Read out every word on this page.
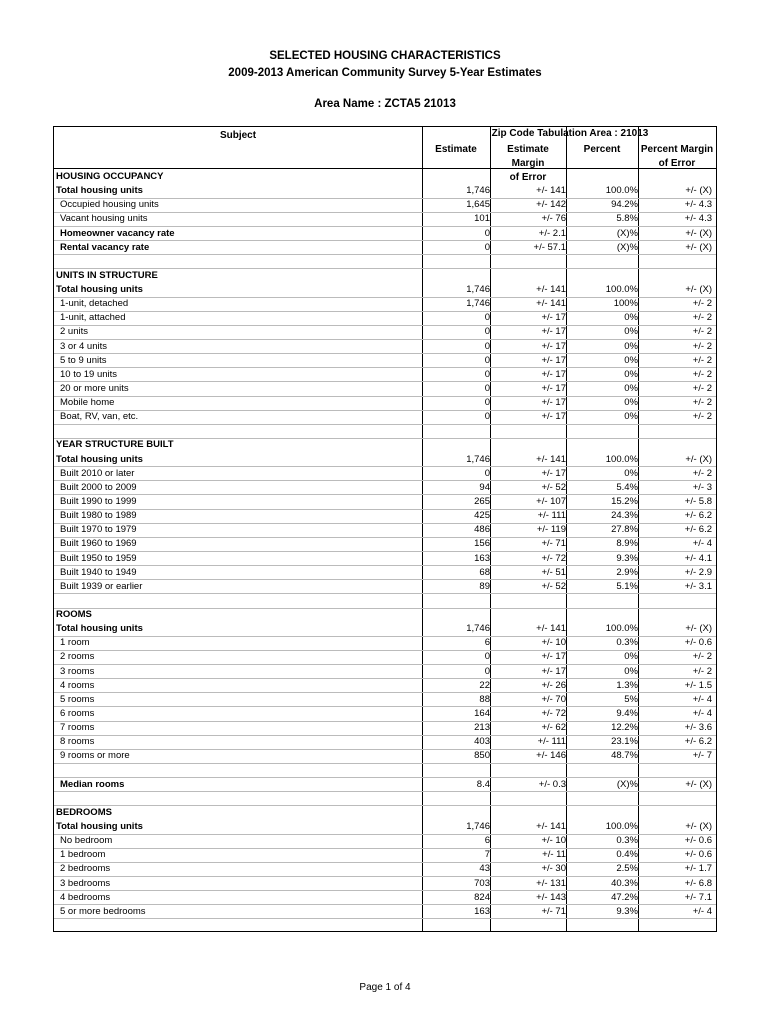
SELECTED HOUSING CHARACTERISTICS
2009-2013 American Community Survey 5-Year Estimates
Area Name : ZCTA5 21013
Subject	Zip Code Tabulation Area : 21013
Estimate	Estimate Margin
of Error
Percent	Percent Margin
of Error
HOUSING OCCUPANCY
Total housing units	1,746	+/- 141	100.0%	+/- (X)
Occupied housing units	1,645	+/- 142	94.2%	+/- 4.3
Vacant housing units	101	+/- 76	5.8%	+/- 4.3
Homeowner vacancy rate	0	+/- 2.1	(X)%	+/- (X)
Rental vacancy rate	0	+/- 57.1	(X)%	+/- (X)
UNITS IN STRUCTURE
Total housing units	1,746	+/- 141	100.0%	+/- (X)
1-unit, detached	1,746	+/- 141	100%	+/- 2
1-unit, attached	0	+/- 17	0%	+/- 2
2 units	0	+/- 17	0%	+/- 2
3 or 4 units	0	+/- 17	0%	+/- 2
5 to 9 units	0	+/- 17	0%	+/- 2
10 to 19 units	0	+/- 17	0%	+/- 2
20 or more units	0	+/- 17	0%	+/- 2
Mobile home	0	+/- 17	0%	+/- 2
Boat, RV, van, etc.	0	+/- 17	0%	+/- 2
YEAR STRUCTURE BUILT
Total housing units	1,746	+/- 141	100.0%	+/- (X)
Built 2010 or later	0	+/- 17	0%	+/- 2
Built 2000 to 2009	94	+/- 52	5.4%	+/- 3
Built 1990 to 1999	265	+/- 107	15.2%	+/- 5.8
Built 1980 to 1989	425	+/- 111	24.3%	+/- 6.2
Built 1970 to 1979	486	+/- 119	27.8%	+/- 6.2
Built 1960 to 1969	156	+/- 71	8.9%	+/- 4
Built 1950 to 1959	163	+/- 72	9.3%	+/- 4.1
Built 1940 to 1949	68	+/- 51	2.9%	+/- 2.9
Built 1939 or earlier	89	+/- 52	5.1%	+/- 3.1
ROOMS
Total housing units	1,746	+/- 141	100.0%	+/- (X)
1 room	6	+/- 10	0.3%	+/- 0.6
2 rooms	0	+/- 17	0%	+/- 2
3 rooms	0	+/- 17	0%	+/- 2
4 rooms	22	+/- 26	1.3%	+/- 1.5
5 rooms	88	+/- 70	5%	+/- 4
6 rooms	164	+/- 72	9.4%	+/- 4
7 rooms	213	+/- 62	12.2%	+/- 3.6
8 rooms	403	+/- 111	23.1%	+/- 6.2
9 rooms or more	850	+/- 146	48.7%	+/- 7
Median rooms	8.4	+/- 0.3	(X)%	+/- (X)
BEDROOMS
Total housing units	1,746	+/- 141	100.0%	+/- (X)
No bedroom	6	+/- 10	0.3%	+/- 0.6
1 bedroom	7	+/- 11	0.4%	+/- 0.6
2 bedrooms	43	+/- 30	2.5%	+/- 1.7
3 bedrooms	703	+/- 131	40.3%	+/- 6.8
4 bedrooms	824	+/- 143	47.2%	+/- 7.1
5 or more bedrooms	163	+/- 71	9.3%	+/- 4
Page 1 of 4
